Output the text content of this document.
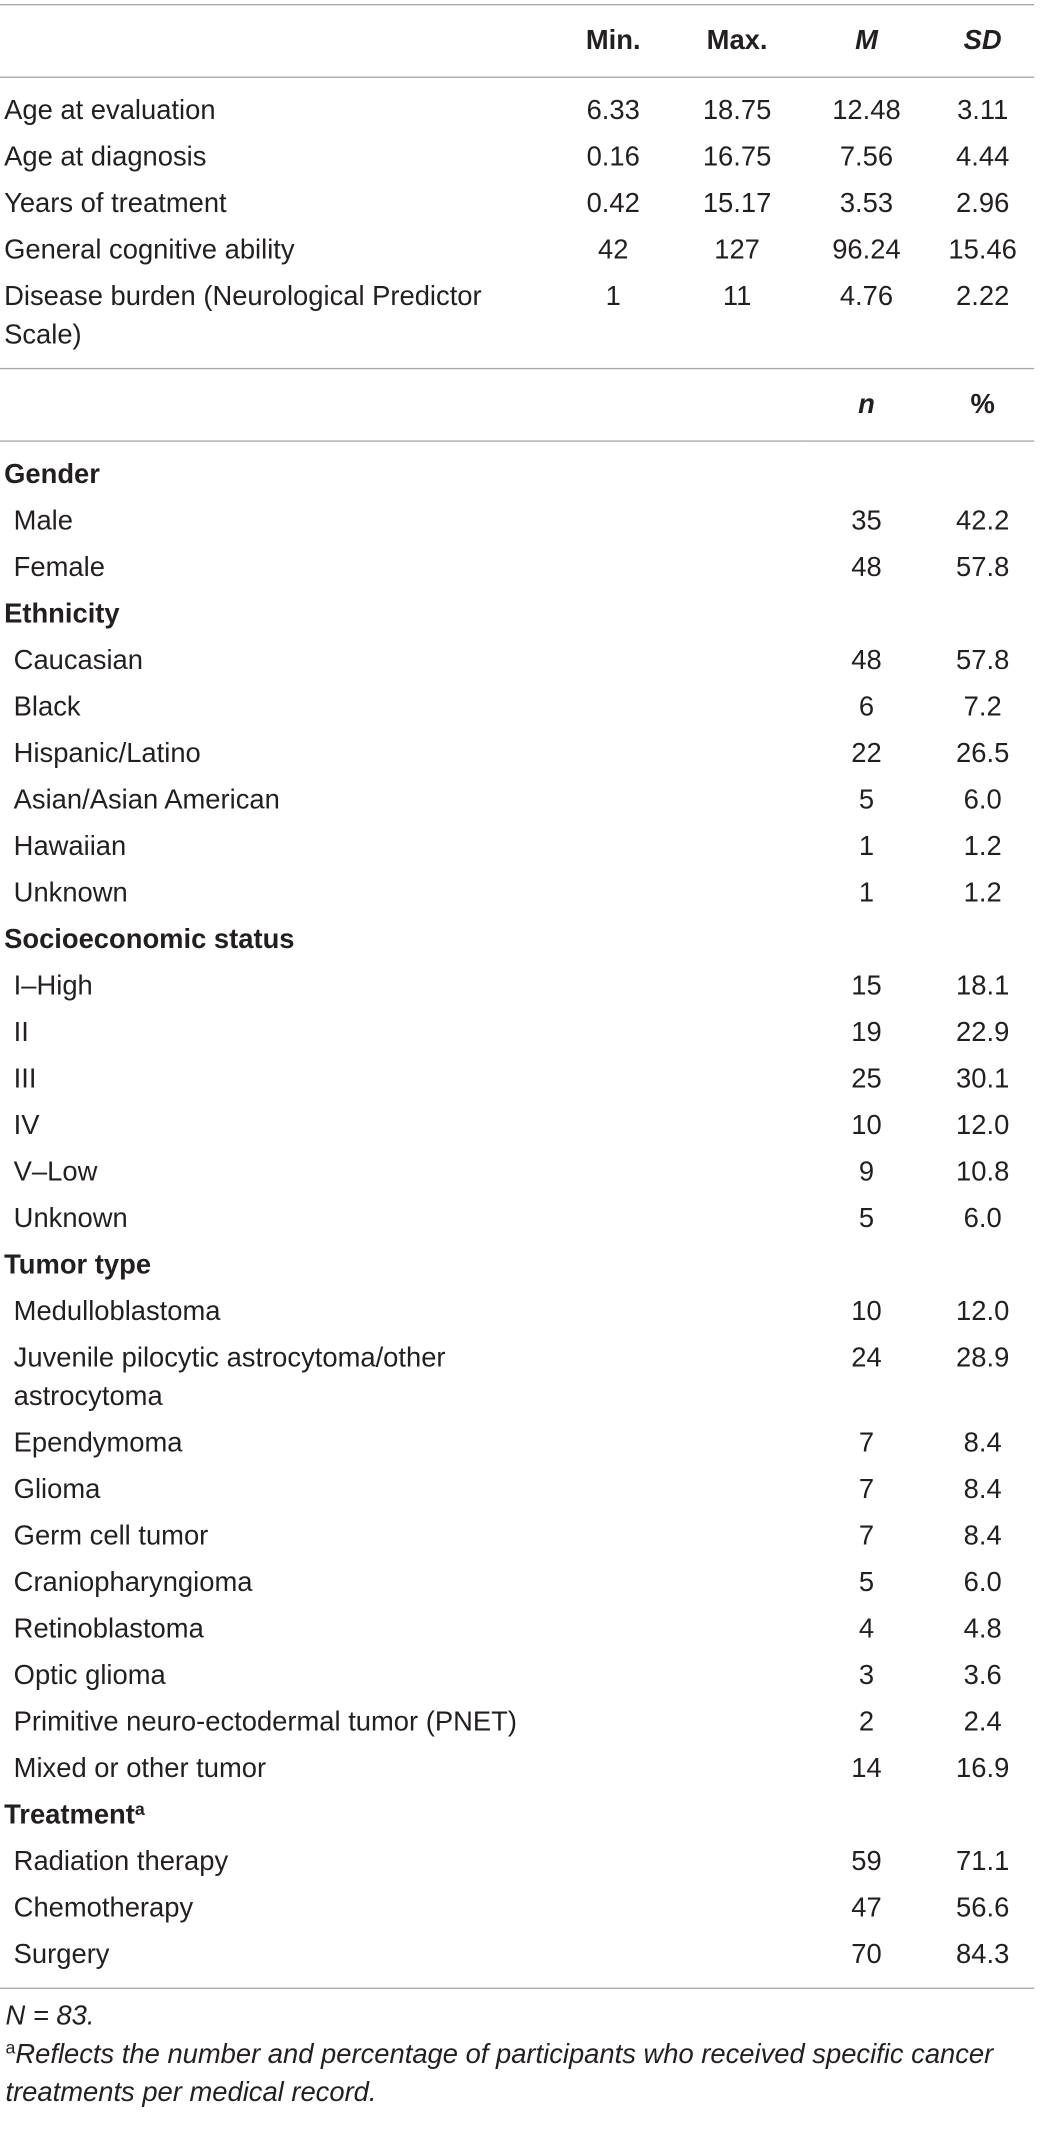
	Min.	Max.	M	SD
Age at evaluation	6.33	18.75	12.48	3.11
Age at diagnosis	0.16	16.75	7.56	4.44
Years of treatment	0.42	15.17	3.53	2.96
General cognitive ability	42	127	96.24	15.46
Disease burden (Neurological Predictor Scale)	1	11	4.76	2.22
			n	%
Gender				
Male			35	42.2
Female			48	57.8
Ethnicity				
Caucasian			48	57.8
Black			6	7.2
Hispanic/Latino			22	26.5
Asian/Asian American			5	6.0
Hawaiian			1	1.2
Unknown			1	1.2
Socioeconomic status				
I–High			15	18.1
II			19	22.9
III			25	30.1
IV			10	12.0
V–Low			9	10.8
Unknown			5	6.0
Tumor type				
Medulloblastoma			10	12.0
Juvenile pilocytic astrocytoma/other astrocytoma			24	28.9
Ependymoma			7	8.4
Glioma			7	8.4
Germ cell tumor			7	8.4
Craniopharyngioma			5	6.0
Retinoblastoma			4	4.8
Optic glioma			3	3.6
Primitive neuro-ectodermal tumor (PNET)			2	2.4
Mixed or other tumor			14	16.9
Treatment$^a$				
Radiation therapy			59	71.1
Chemotherapy			47	56.6
Surgery			70	84.3
N = 83.
$^a$Reflects the number and percentage of participants who received specific cancer treatments per medical record.
